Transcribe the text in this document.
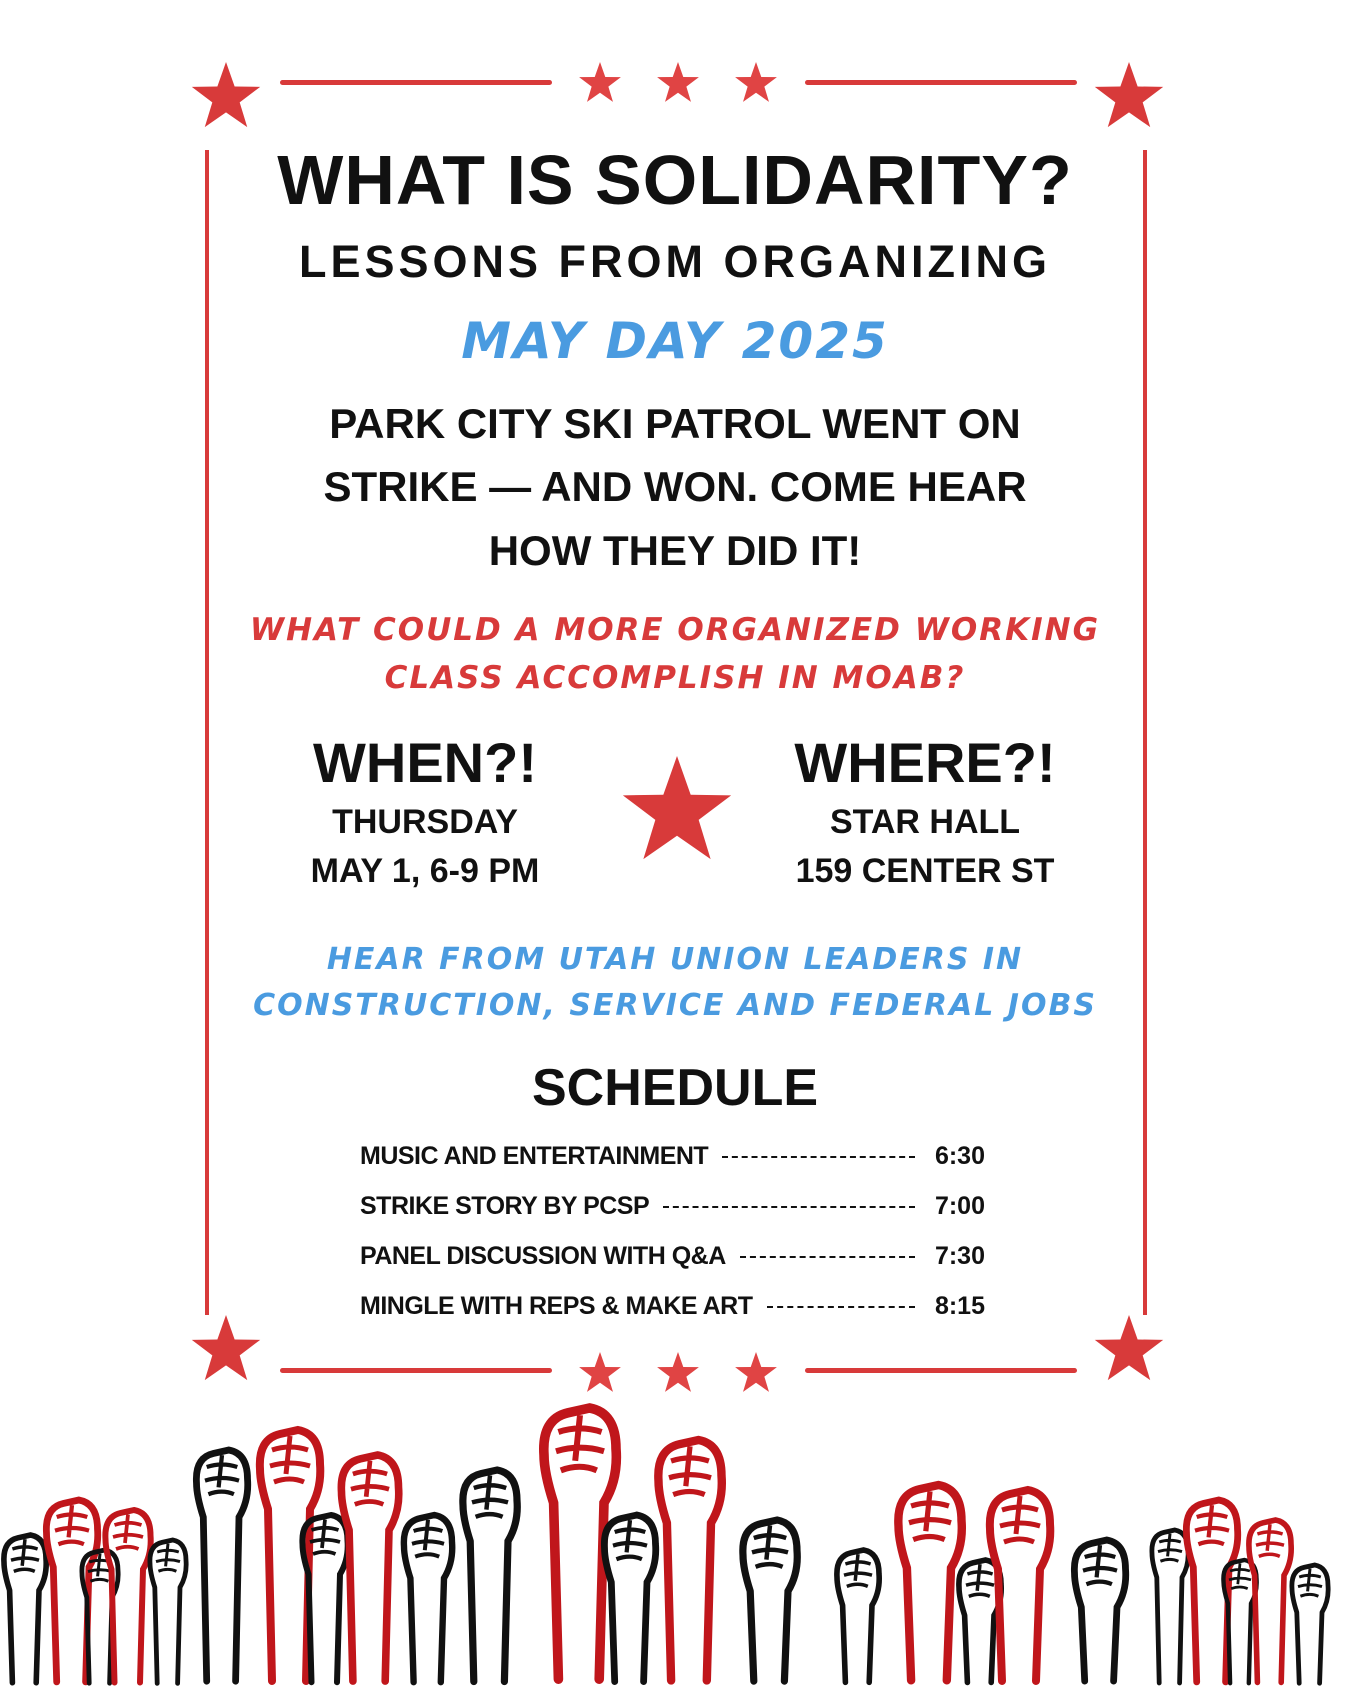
WHAT IS SOLIDARITY?
LESSONS FROM ORGANIZING
MAY DAY 2025
PARK CITY SKI PATROL WENT ON
STRIKE — AND WON. COME HEAR
HOW THEY DID IT!
WHAT COULD A MORE ORGANIZED WORKING
CLASS ACCOMPLISH IN MOAB?
WHEN?!
THURSDAY
MAY 1, 6-9 PM
WHERE?!
STAR HALL
159 CENTER ST
HEAR FROM UTAH UNION LEADERS IN
CONSTRUCTION, SERVICE AND FEDERAL JOBS
SCHEDULE
MUSIC AND ENTERTAINMENT	6:30
STRIKE STORY BY PCSP	7:00
PANEL DISCUSSION WITH Q&A	7:30
MINGLE WITH REPS & MAKE ART	8:15
